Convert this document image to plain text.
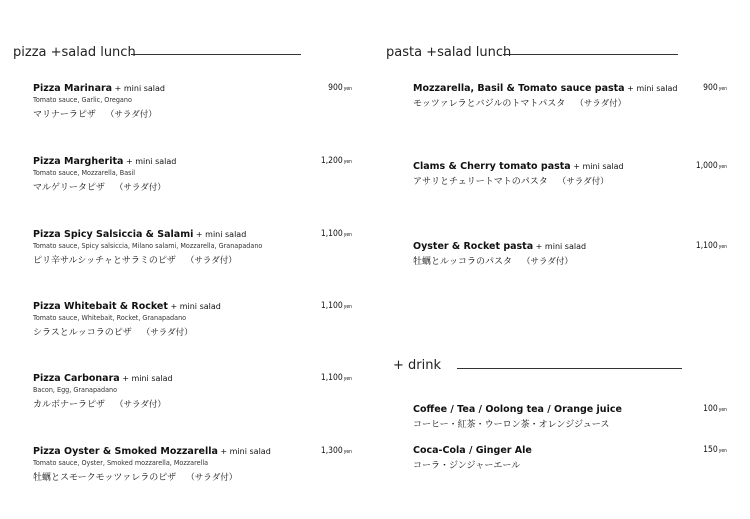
pizza +salad lunch
Pizza Marinara + mini salad
Tomato sauce, Garlic, Oregano
マリナーラピザ （サラダ付）
900yen
Pizza Margherita + mini salad
Tomato sauce, Mozzarella, Basil
マルゲリータピザ （サラダ付）
1,200yen
Pizza Spicy Salsiccia & Salami + mini salad
Tomato sauce, Spicy salsiccia, Milano salami, Mozzarella, Granapadano
ピリ辛サルシッチャとサラミのピザ （サラダ付）
1,100yen
Pizza Whitebait & Rocket + mini salad
Tomato sauce, Whitebait, Rocket, Granapadano
シラスとルッコラのピザ （サラダ付）
1,100yen
Pizza Carbonara + mini salad
Bacon, Egg, Granapadano
カルボナーラピザ （サラダ付）
1,100yen
Pizza Oyster & Smoked Mozzarella + mini salad
Tomato sauce, Oyster, Smoked mozzarella, Mozzarella
牡蠣とスモークモッツァレラのピザ （サラダ付）
1,300yen
pasta +salad lunch
Mozzarella, Basil & Tomato sauce pasta + mini salad
モッツァレラとバジルのトマトパスタ （サラダ付）
900yen
Clams & Cherry tomato pasta + mini salad
アサリとチェリートマトのパスタ （サラダ付）
1,000yen
Oyster & Rocket pasta + mini salad
牡蠣とルッコラのパスタ （サラダ付）
1,100yen
+ drink
Coffee / Tea / Oolong tea / Orange juice
コーヒー・紅茶・ウーロン茶・オレンジジュース
100yen
Coca-Cola / Ginger Ale
コーラ・ジンジャーエール
150yen
